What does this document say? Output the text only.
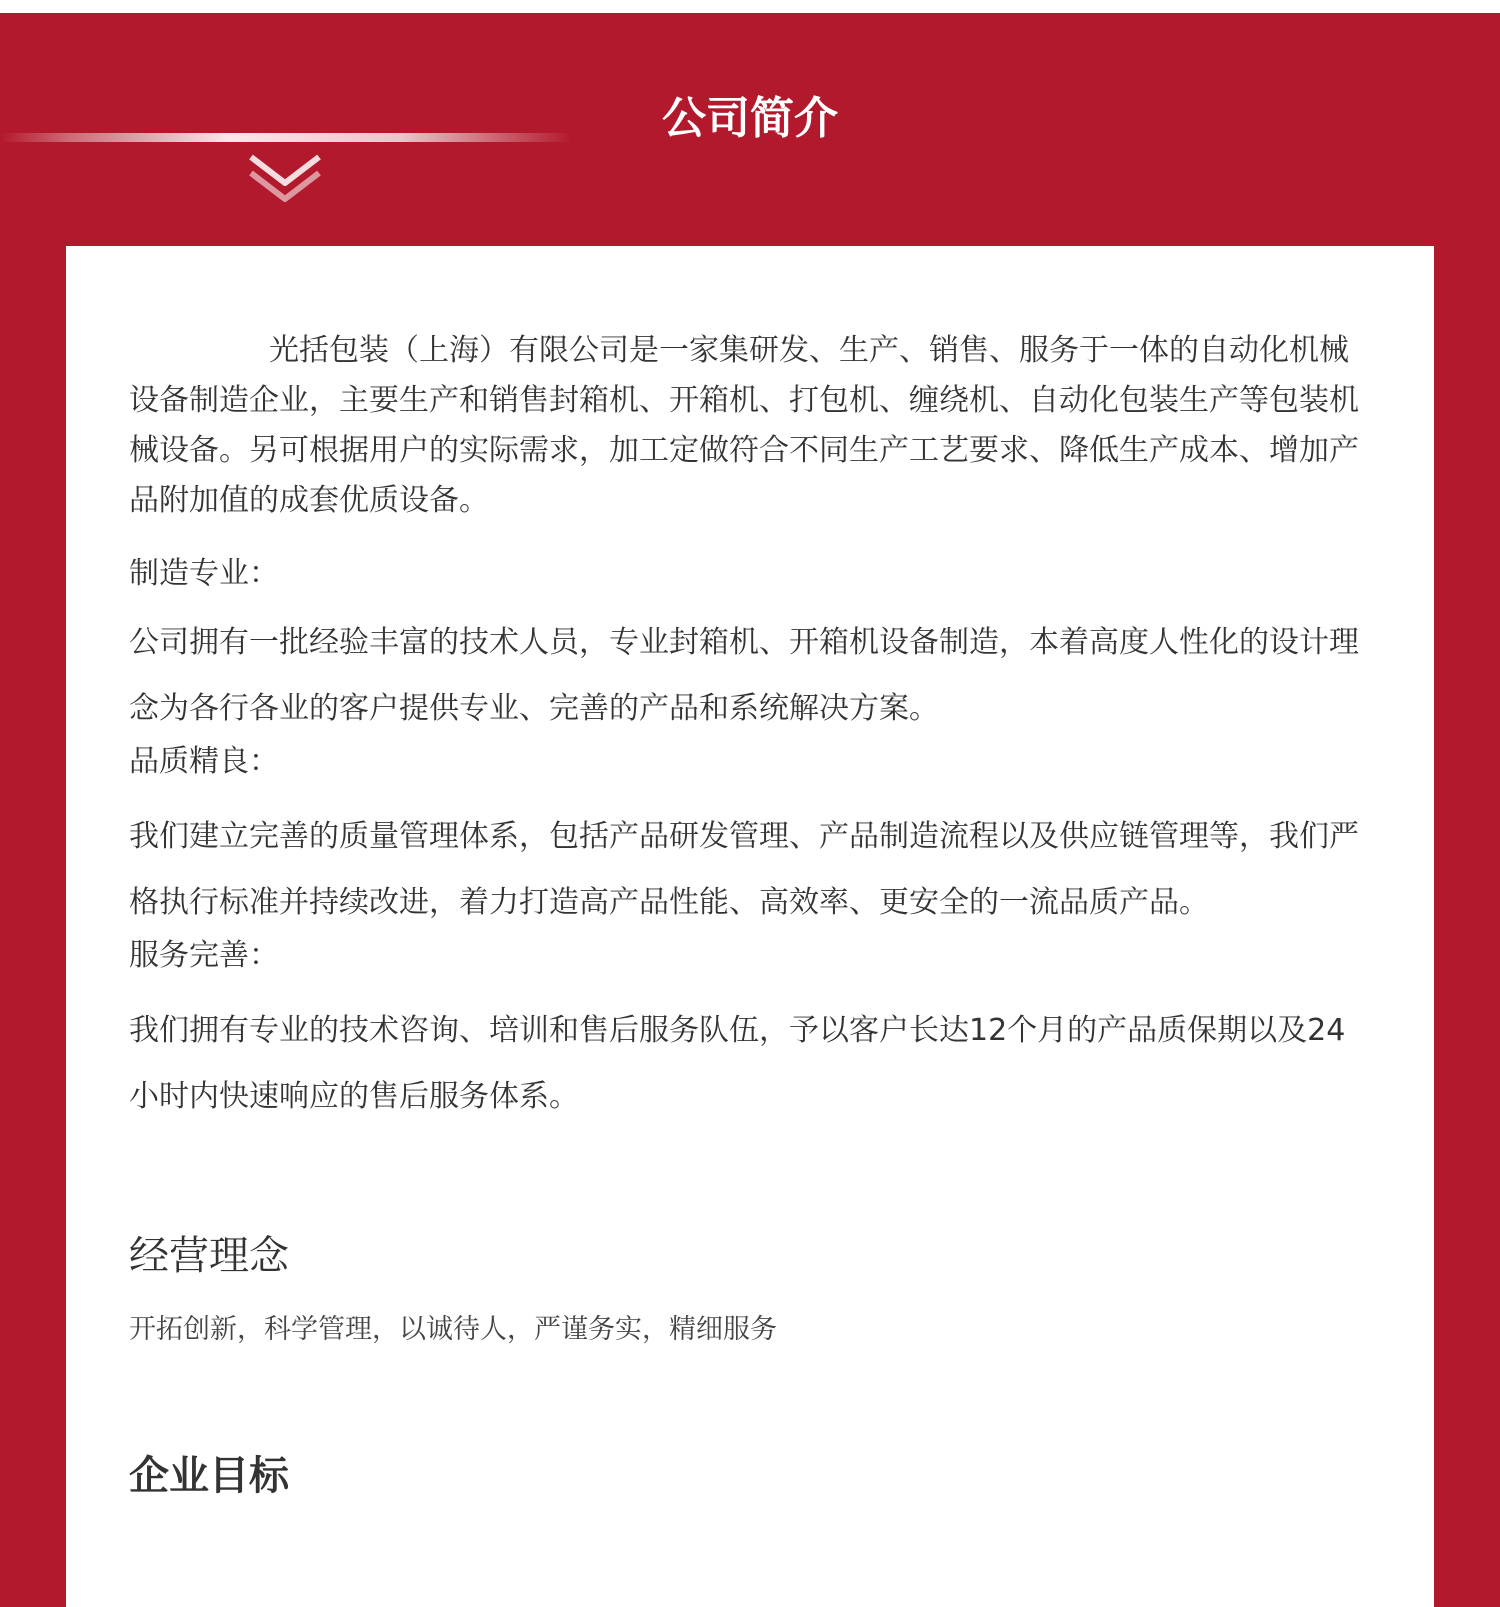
公司简介

光括包装（上海）有限公司是一家集研发、生产、销售、服务于一体的自动化机械设备制造企业，主要生产和销售封箱机、开箱机、打包机、缠绕机、自动化包装生产等包装机械设备。另可根据用户的实际需求，加工定做符合不同生产工艺要求、降低生产成本、增加产品附加值的成套优质设备。

制造专业：

公司拥有一批经验丰富的技术人员，专业封箱机、开箱机设备制造，本着高度人性化的设计理念为各行各业的客户提供专业、完善的产品和系统解决方案。

品质精良：

我们建立完善的质量管理体系，包括产品研发管理、产品制造流程以及供应链管理等，我们严格执行标准并持续改进，着力打造高产品性能、高效率、更安全的一流品质产品。

服务完善：

我们拥有专业的技术咨询、培训和售后服务队伍，予以客户长达12个月的产品质保期以及24小时内快速响应的售后服务体系。

经营理念

开拓创新，科学管理，以诚待人，严谨务实，精细服务

企业目标
